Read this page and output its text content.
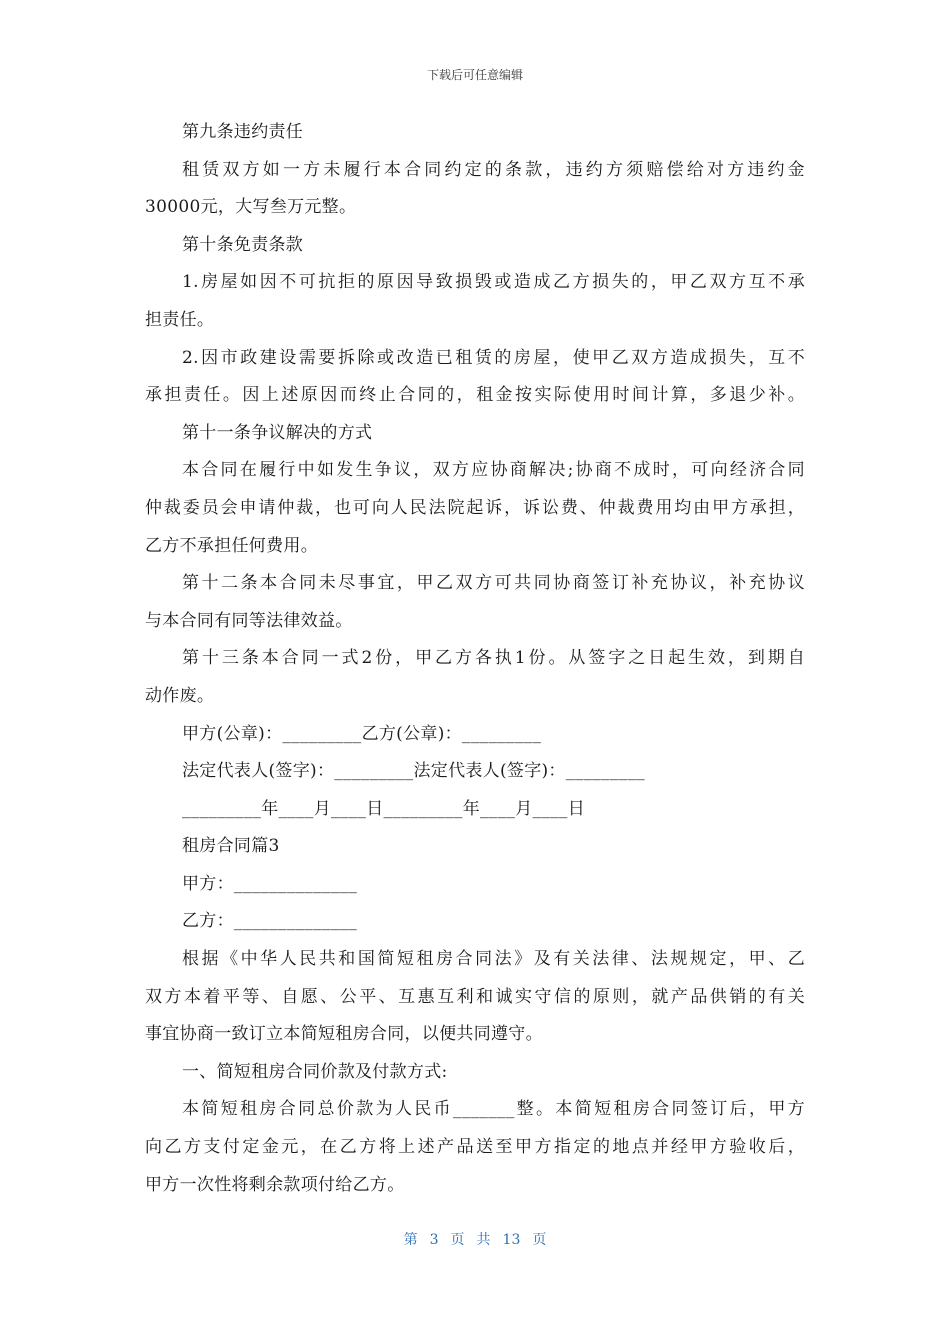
下载后可任意编辑
第九条违约责任
租赁双方如一方未履行本合同约定的条款，违约方须赔偿给对方违约金
30000元，大写叁万元整。
第十条免责条款
1.房屋如因不可抗拒的原因导致损毁或造成乙方损失的，甲乙双方互不承
担责任。
2.因市政建设需要拆除或改造已租赁的房屋，使甲乙双方造成损失，互不
承担责任。因上述原因而终止合同的，租金按实际使用时间计算，多退少补。
第十一条争议解决的方式
本合同在履行中如发生争议，双方应协商解决;协商不成时，可向经济合同
仲裁委员会申请仲裁，也可向人民法院起诉，诉讼费、仲裁费用均由甲方承担，
乙方不承担任何费用。
第十二条本合同未尽事宜，甲乙双方可共同协商签订补充协议，补充协议
与本合同有同等法律效益。
第十三条本合同一式2份，甲乙方各执1份。从签字之日起生效，到期自
动作废。
甲方(公章)：_________乙方(公章)：_________
法定代表人(签字)：_________法定代表人(签字)：_________
_________年____月____日_________年____月____日
租房合同篇3
甲方：______________
乙方：______________
根据《中华人民共和国简短租房合同法》及有关法律、法规规定，甲、乙
双方本着平等、自愿、公平、互惠互利和诚实守信的原则，就产品供销的有关
事宜协商一致订立本简短租房合同，以便共同遵守。
一、简短租房合同价款及付款方式:
本简短租房合同总价款为人民币_______整。本简短租房合同签订后，甲方
向乙方支付定金元，在乙方将上述产品送至甲方指定的地点并经甲方验收后，
甲方一次性将剩余款项付给乙方。
第 3 页 共 13 页
